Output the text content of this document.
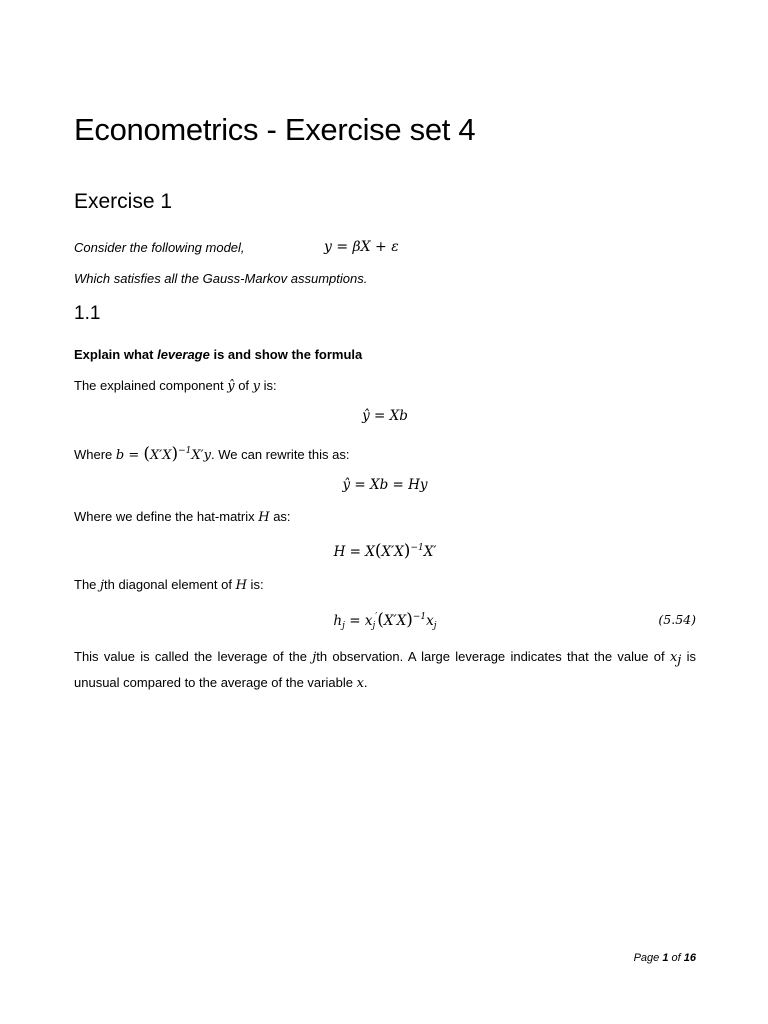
Econometrics - Exercise set 4
Exercise 1

Consider the following model,	y = βX + ε

Which satisfies all the Gauss-Markov assumptions.

1.1

Explain what leverage is and show the formula

The explained component ŷ of y is:

ŷ = Xb

Where $b = (X'X)^{-1}X'y$. We can rewrite this as:

ŷ = Xb = Hy

Where we define the hat-matrix H as:

$H = X(X'X)^{-1}X'$

The jth diagonal element of H is:

$h_j = x_j'(X'X)^{-1}x_j$	(5.54)

This value is called the leverage of the jth observation. A large leverage indicates that the value of $x_j$ is unusual compared to the average of the variable x.

Page 1 of 16
